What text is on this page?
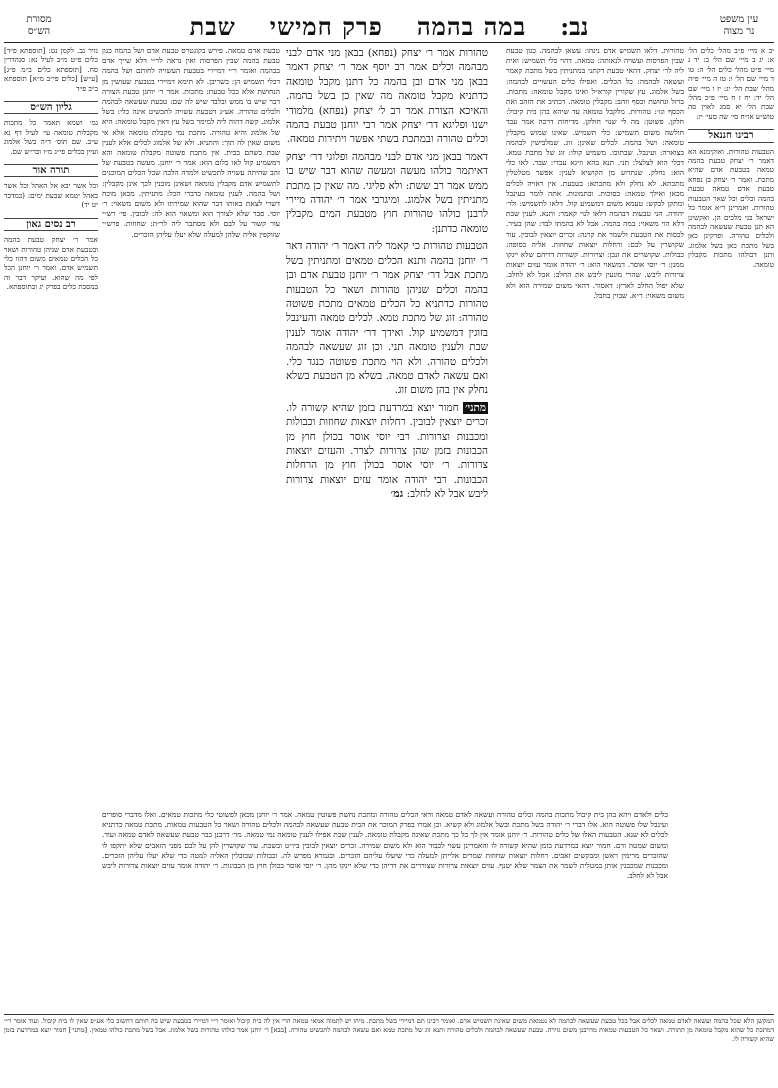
עין משפט
נר מצוה
נב:
במה בהמה
פרק חמישי
שבת
מסורת
הש״ס

יב א מיי׳ פ״ב מהל׳ כלים הל׳ א: יג ב מיי׳ שם הל׳ ב: יד ג מיי׳ פ״ט מהל׳ כלים הל׳ ה: טו ד מיי׳ שם הל׳ ו: טז ה מיי׳ פ״ה מהל׳ שבת הל׳ יג: יז ו מיי׳ שם הל׳ יד: יח ז ח מיי׳ פ״כ מהל׳ שבת הל׳ יא סמג לאוין סה טוש״ע או״ח סי׳ שה סעי׳ יז:

רבינו חננאל

הטבעות טהורות. ואוקימנא הא דאמר ר׳ יצחק טבעת בהמה טמאה בטבעת אדם שהיא מתכת. ואמר ר׳ יצחק בן נפחא טבעת אדם טמאה טבעת בהמה וכלים וכל שאר הטבעות טהורות. ואמרינן ר״א אומר כל ישראל בני מלכים הן. ואקשינן הא תנן טבעת שעשאה לבהמה ולכלים טהורה. ופרקינן כאן בשל מתכת כאן בשל אלמוג. ותנן דכולהו מתכות מקבלין טומאה.

טהורות. דלאו תשמיש אדם נינהו: עשאן לבהמה. כגון טבעת שבין הפרסות ועשויה לנאותה: טמאה. דהוי כלי תשמיש: ואית ליה לר׳ יצחק. דהאי טבעת דקתני במתניתין בשל מתכת קאמר ועשאה לבהמה: כל הכלים. ואפילו כלים העשויים לבהמה: בשל אלמוג. עץ שקורין קורא״ל ואינו מקבל טומאה: מתכות. ברזל ונחושת וכסף וזהב: מקבלין טומאה. דכתיב את הזהב ואת הכסף וגו׳: טהורות. מלקבל טומאה עד שיהא בהן בית קיבול: חלקן. פשוטן: מה לי שנוי חולקן. מדיחות דרכה אמר עבד חולשה משום תשמיש: כלי תשמיש. שאינו שמוש מקבלין טומאה: ושל בהמה. לכלים שאינן: זוג. שמלבישין לבהמה בצוארה: ועינבל. שבתוכו. משמיע קולו: זוג של מתכת טמא. דכלי הוא לצלצל: תני. תנא בהא וזיגא עבדי: שבר. לאו כלי הוא: נחלק. שנתרוע מן הקושיא לענין: אפשר מטלטלין מתכתא. לא נחלק ולא מתכתא: בטבעת. אין ראויה לכלים מכאן ואילך טמאה: בסוכות. ובתמונות. אתה לומר בעינבל ומתקן לבקש: טעמא משום דמשמיע קול. דלאו לתשמיש: ולר׳ יהודה. הני טבעות דבהמה דלאו לנוי קאמר: ותנא. לענין שבת דלא הוי משאוי: במה בהמה. אבל לא בהמתו לבד: שהן בעיר. לכסות את הטבעת ולשמר את קרנה: זכרים יוצאין לבובין. עור שקושרין על לבם: ורחלות יוצאות שחוזות. אליה כסופה: כבולות. שקושרים את זנבן: וצרורות. קשורות דדיהם שלא יינקו ממנן: ר׳ יוסי אוסר. דמשאוי הוא: ר׳ יהודה אומר עזים יוצאות צרורות ליבש. שהרי מונעין ליבש את החלב: אבל לא לחלב. שלא יפול החלב לארץ: דאסור. דהאי משום שמירה הוא ולא משום משאוי: ר״א. שבוין בחבל.

טהורות אמר ר׳ יצחק (נפחא) בבאן מני אדם לבני מבהמה וכלים אמר רב יוסף אמר ר׳ יצחק דאמר בבאן מני אדם ובן בהמה כל דתנן מקבל טומאה כדתניא מקבל טומאה מה שאין כן בשל בהמה. והאיכא הצורת אמר רב ל׳ יצחק (נפחא) מלמודי ישנו ופליגא דר׳ יצחק אמר רבי יוחנן טבעת בהמה וכלים טהורה ובמתכת בשתי אפשר ויתירות טמאה.

דאמר בבאן מני אדם לבני מבהמה ופלוגי דר׳ יצחק דאיתמר כולהו מעשה ומעשה שהוא דבר שיש בו ממש אמר רב ששת: ולא פליגי. מה שאין כן מתכת מתניתין בשל אלמוג. ומיגרבי אמר ר׳ יהודה מיירי לרבנן כולהו טהורות חוץ מטבעת המים מקבלין טומאה כדתנן:

הטבעות טהורות כי קאמר ליה דאמר ר׳ יהודה דאר ר׳ יוחנן בהמה ותנא הכלים טמאים ומתניתין בשל מתכת אבל דר׳ יצחק אמר ר׳ יוחנן טבעת אדם ובן בהמה וכלים שניהן טהורות ושאר כל הטבעות טהורות כדתניא כל הכלים טמאים מתכת פשוטה טהורה: זוג של מתכת טמא. לכלים טמאה והעינבל בזוגין דמשמיע קול. ואידך דר׳ יהודה אומר לענין שבת ולענין טומאה תני. וכן זוג שעשאה לבהמה ולכלים טהורה. ולא הוי מתכת פשוטה כנגד כלי. ואם עשאה לאדם טמאה. בשלא מן הטבעת בשלא נחלק אין בהן משום זוג.

מתני׳ חמור יוצא במרדעת בזמן שהיא קשורה לו. זכרים יוצאין לבובין. רחלות יוצאות שחוזות וכבולות ומכבנות וצרורות. רבי יוסי אוסר בכולן חוץ מן הכבונות בזמן שהן צרורות לצרר. והעזים יוצאות צרורות. ר׳ יוסי אוסר בכולן חוץ מן הרחלות הכבונות. רבי יהודה אומר עזים יוצאות צרורות ליבש אבל לא לחלב: גמ׳

טבעת אדם טמאה. פירש בקונטרס טבעת אדם ושל בהמה כגון טבעת בהמה שבין הפרסות ואין נראה לר״י דלא שייך אדם בבהמה ואומר ר״י דמיירי בטבעת העשויה לחותם ושל בהמה דכלי תשמיש הן: בשריבן. לא תימא דמיירי בטבעת שעושין מן הנחושת אלא בכל טבעת: מתכות. אמר ר׳ יוחנן טבעת הצורה דבר שיש בו ממש ובלבד שיש לה שם: טבעת שעשאה לבהמה ולכלים טהורה. אע״ג דטבעת עשויה לתכשיט אינה כלי: בשל אלמוג. קשה דהוה ליה למימר בשל עץ דאין מקבל טומאה: היא של אלמוג והיא טהורה. מתכת נמי מקבלת טומאה אלא אי משום שאין לה תוך: והתניא. ולא של אלמוג לכלים אלא לענין שבת כשהם בבית. אין מתכת פשוטה מקבלת טומאה והא דמשמיע קול לאו כלום הוא: אמר ר׳ יוחנן. מעשה בטבעת של זהב שהיתה עשויה לתכשיט ולמדה הלכה שכל הכלים המוכנים לתשמיש אדם מקבלין טומאה ושאינן מוכנין לכך אינן מקבלין: ושל בהמה. לענין טומאה כדברי הכל: מתניתין. מכאן מוכח דשרי לצאת באותו דבר שהוא שמירתו ולא משום משאוי: ר׳ יוסי. סבר שלא לצורך הוא ומשאוי הוא לה: לבובין. פי׳ רש״י עור קשור על לבם ולא מסתבר ליה לר״ת: שחוזות. פרש״י שזוקפין אליה שלהן למעלה שלא יעלו עליהן הזכרים.

נזיר נב. לקמן נט: [תוספתא פ״ד] כלים פ״ט מ״ב לעיל נא: סנהדרין סח. [תוספתא כלים ב״מ פ״ג] [ע״ש] [כלים פי״ב מ״א] תוספתא ב״ב פ״ד

גליון הש״ס

גמ׳ ושמא תאמר כל מתכות מקבלות טומאה עי׳ לעיל דף נא ע״ב. שם תוס׳ ד״ה בשל אלמוג ועיין בכלים פי״ג מ״ו ובר״ש שם.

תורה אור

וכל אשר יבא אל האהל וכל אשר באהל יטמא שבעת ימים: (במדבר יט יד)

רב נסים גאון

אמר ר׳ יצחק טבעת בהמה ובטבעת אדם שניהן טהורות ושאר כל הכלים טמאים משום דהוו כלי תשמיש אדם. ואמר ר׳ יוחנן הכל לפי מה שהוא. ועיקר דבר זה במסכת כלים בפרק יג ובתוספתא.

כלים ולאדם ויהא בהן בית קיבול מתכות בהמה וכלים טהורה ועשאה לאדם טמאה ודאי הכלים טהורה ומתכת נחשת פשוטין טמאה. אמר ר׳ יוחנן מכאן לפשוטי כלי מתכות טמאים. ואלו מדברי סופרים ועינבל שלו פשוטה הוא. אלו דברי ר׳ יהודה בשל מתכת ובשל אלמוג ולא קשיא. וכן אמרו בפרק המוכר את הבית טבעת שעשאה לבהמה ולכלים טהורה ושאר כל הטבעות טמאות. מתכת טמאה כדתניא לכלים לא שנא. הטבעות האלו של כלים טהורות. ר׳ יוחנן אומר אין לך כל כך מתכת שאינה מקבלת טומאה. לענין שבת אפילו לענין טומאה נמי טמאה. מר׳ דרבנן כבר טבעת שעשאה לאדם טמאה ועוד. ומשום שמטה ודם. חמור יוצא במרדעת בזמן שהיא קשורה לו והאמרינן עשוי לכבוד הוא ולא משום שמירה. זכרים יוצאין לבובין ביו״ט ובשבת. עור שקושרין להן על לבם מפני הזאבים שלא יתקפו לו שהזכרים מרימין ראשן ומבקשים זאבים. רחלות יוצאות שחוזות שמרים אלייתן למעלה כדי שיעלו עליהם הזכרים. ובגמרא מפרש לה. וכבולות שכובלין האליה למטה כדי שלא יעלו עליהן הזכרים. ומכבנות שמכבנין אותן במטלית לשמר את הצמר שלא יטנף. עזים יוצאות צרורות שצוררים את דדיהן כדי שלא יינקו מהן. ר׳ יוסי אוסר בכולן חוץ מן הכבונות. ר׳ יהודה אומר עזים יוצאות צרורות ליבש אבל לא לחלב.

המקשן הלא שכל בהמה ועשאה לאדם טמאה לכלים אבל בכל טבעת שעשאה לבהמה לא נטמאת משום שאינה תשמיש אדם. ואומר רבינו תם דמיירי בשל מתכת. מיהו יש לתמוה אמאי טמאה הרי אין לה בית קיבול ואומר ר״י דמיירי בטבעת שיש בה חותם דחשוב כלי אע״פ שאין לו בית קיבול. ועוד אומר ר״י דמתכת כל שהוא מקבל טומאה מן התורה. ושאר כל הטבעות טמאות מדרבנן משום גזירה. טבעת שעשאה לבהמה ולכלים טהורה ותנא זוג של מתכת טמא ואם עשאה לבהמה לתכשיט טהורה. [בבא] ר׳ יוחנן אמר כולהו טהורות בשל אלמוג. אבל בשל מתכת כולהו טמאין. [מתני׳] חמור יוצא במרדעת בזמן שהיא קשורה לו.
